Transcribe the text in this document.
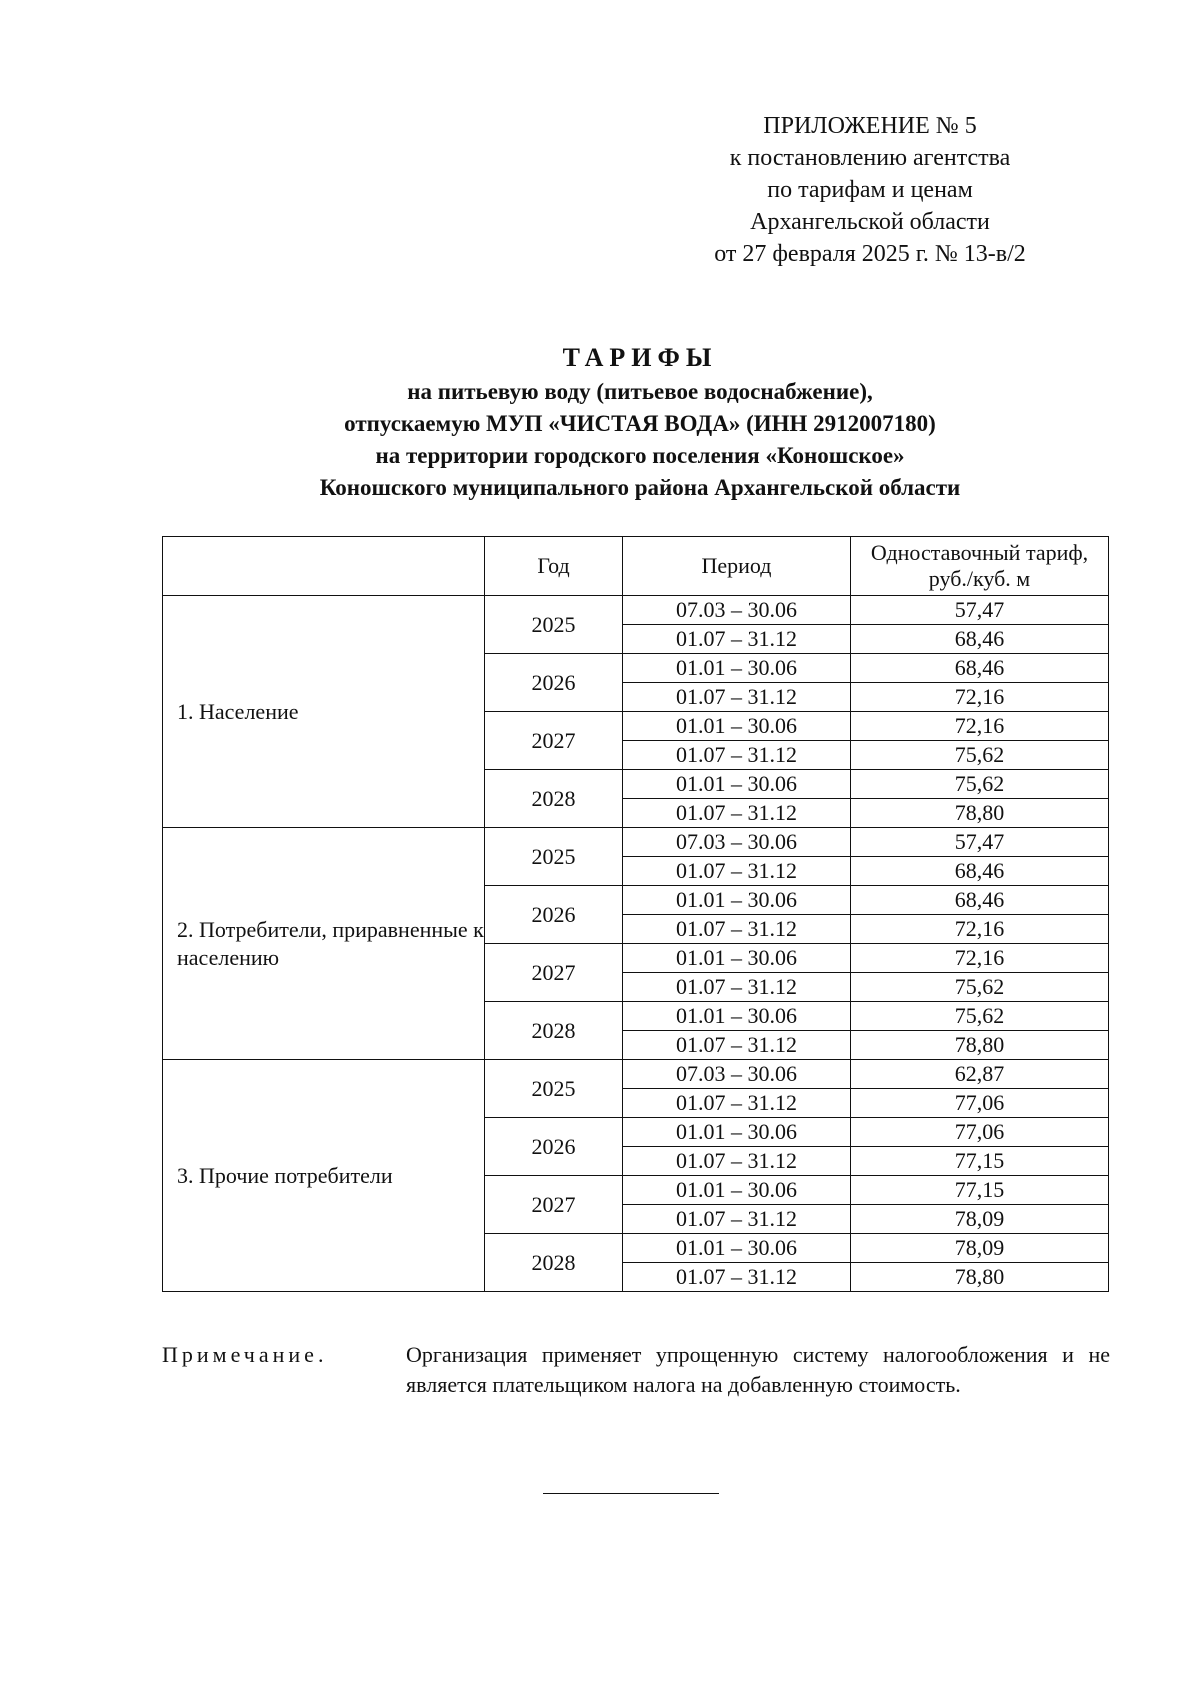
ПРИЛОЖЕНИЕ № 5
к постановлению агентства
по тарифам и ценам
Архангельской области
от 27 февраля 2025 г. № 13-в/2
ТАРИФЫ
на питьевую воду (питьевое водоснабжение),
отпускаемую МУП «ЧИСТАЯ ВОДА» (ИНН 2912007180)
на территории городского поселения «Коношское»
Коношского муниципального района Архангельской области
	Год	Период	Одноставочный тариф, руб./куб. м
1. Население	2025	07.03 – 30.06	57,47
		01.07 – 31.12	68,46
	2026	01.01 – 30.06	68,46
		01.07 – 31.12	72,16
	2027	01.01 – 30.06	72,16
		01.07 – 31.12	75,62
	2028	01.01 – 30.06	75,62
		01.07 – 31.12	78,80
2. Потребители, приравненные к населению	2025	07.03 – 30.06	57,47
		01.07 – 31.12	68,46
	2026	01.01 – 30.06	68,46
		01.07 – 31.12	72,16
	2027	01.01 – 30.06	72,16
		01.07 – 31.12	75,62
	2028	01.01 – 30.06	75,62
		01.07 – 31.12	78,80
3. Прочие потребители	2025	07.03 – 30.06	62,87
		01.07 – 31.12	77,06
	2026	01.01 – 30.06	77,06
		01.07 – 31.12	77,15
	2027	01.01 – 30.06	77,15
		01.07 – 31.12	78,09
	2028	01.01 – 30.06	78,09
		01.07 – 31.12	78,80
Примечание.	Организация применяет упрощенную систему налогообложения и не является плательщиком налога на добавленную стоимость.
